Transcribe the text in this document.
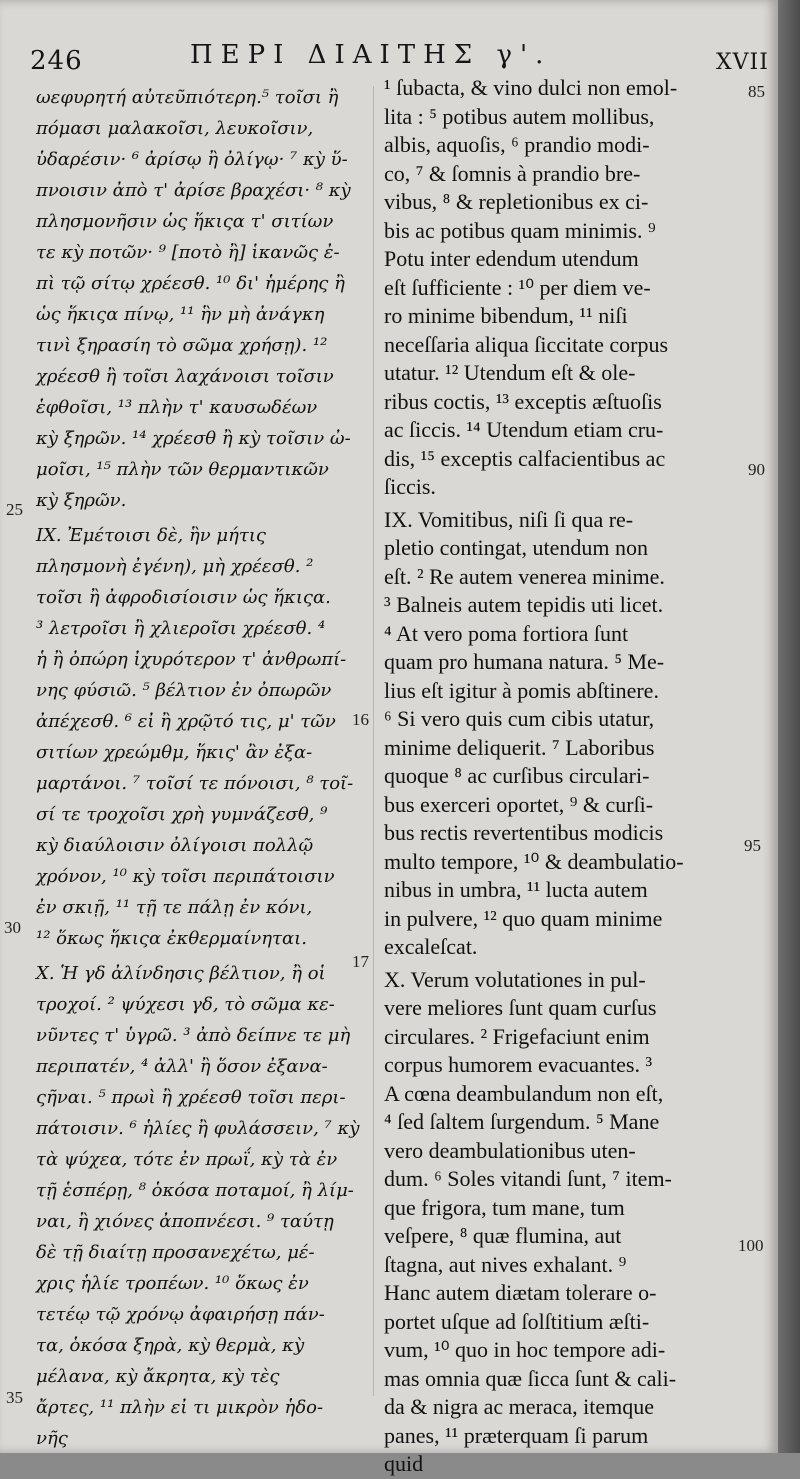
246	ΠΕΡΙ ΔΙΑΙΤΗΣ γ'.	XVII
ωεφυρητή αὐτεῦπιότερη.⁵ τοῖσι ἢ
πόμασι μαλακοῖσι, λευκοῖσιν,
ὑδαρέσιν· ⁶ ἀρίσῳ ἢ ὀλίγῳ· ⁷ κỳ ὕ-
πνοισιν ἀπὸ τ' ἀρίσε βραχέσι· ⁸ κỳ
πλησμονῆσιν ὡς ἥκιςα τ' σιτίων
τε κỳ ποτῶν· ⁹ [ποτὸ ἢ] ἱκανῶς ἐ-
πὶ τῷ σίτῳ χρέεσθ. ¹⁰ δι' ἡμέρης ἢ
ὡς ἥκιςα πίνῳ, ¹¹ ἣν μὴ ἀνάγκη
τινὶ ξηρασίη τὸ σῶμα χρήσῃ). ¹²
χρέεσθ ἢ τοῖσι λαχάνοισι τοῖσιν
ἑφθοῖσι, ¹³ πλὴν τ' καυσωδέων
κỳ ξηρῶν. ¹⁴ χρέεσθ ἢ κỳ τοῖσιν ὠ-
μοῖσι, ¹⁵ πλὴν τῶν θερμαντικῶν
κỳ ξηρῶν.
IX. Ἐμέτοισι δὲ, ἣν μήτις
πλησμονὴ ἐγένη), μὴ χρέεσθ. ²
τοῖσι ἢ ἀφροδισίοισιν ὡς ἥκιςα.
³ λετροῖσι ἢ χλιεροῖσι χρέεσθ. ⁴
ἡ ἢ ὀπώρη ἰχυρότερον τ' ἀνθρωπί-
νης φύσιῶ. ⁵ βέλτιον ἐν ὀπωρῶν
ἀπέχεσθ. ⁶ εἰ ἢ χρῷτό τις, μ' τῶν
σιτίων χρεώμθμ, ἥκις' ἂν ἐξα-
μαρτάνοι. ⁷ τοῖσί τε πόνοισι, ⁸ τοῖ-
σί τε τροχοῖσι χρὴ γυμνάζεσθ, ⁹
κỳ διαύλοισιν ὀλίγοισι πολλῷ
χρόνον, ¹⁰ κỳ τοῖσι περιπάτοισιν
ἐν σκιῇ, ¹¹ τῇ τε πάλῃ ἐν κόνι,
¹² ὅκως ἥκιςα ἐκθερμαίνηται.
X. Ἡ γδ ἀλίνδησις βέλτιον, ἢ οἱ
τροχοί. ² ψύχεσι γδ, τὸ σῶμα κε-
νῦντες τ' ὑγρῶ. ³ ἀπὸ δείπνε τε μὴ
περιπατέν, ⁴ ἀλλ' ἢ ὅσον ἐξανα-
ςῆναι. ⁵ πρωὶ ἢ χρέεσθ τοῖσι περι-
πάτοισιν. ⁶ ἡλίες ἢ φυλάσσειν, ⁷ κỳ
τὰ ψύχεα, τότε ἐν πρωΐ, κỳ τὰ ἐν
τῇ ἑσπέρῃ, ⁸ ὁκόσα ποταμοί, ἢ λίμ-
ναι, ἢ χιόνες ἀποπνέεσι. ⁹ ταύτῃ
δὲ τῇ διαίτῃ προσανεχέτω, μέ-
χρις ἡλίε τροπέων. ¹⁰ ὅκως ἐν
τετέῳ τῷ χρόνῳ ἀφαιρήσῃ πάν-
τα, ὁκόσα ξηρὰ, κỳ θερμὰ, κỳ
μέλανα, κỳ ἄκρητα, κỳ τὲς
ἄρτες, ¹¹ πλὴν εἰ τι μικρὸν ἡδο-
νῆς
¹ ſubacta, & vino dulci non emol-
lita : ⁵ potibus autem mollibus,
albis, aquoſis, ⁶ prandio modi-
co, ⁷ & ſomnis à prandio bre-
vibus, ⁸ & repletionibus ex ci-
bis ac potibus quam minimis. ⁹
Potu inter edendum utendum
eſt ſufficiente : ¹⁰ per diem ve-
ro minime bibendum, ¹¹ niſi
neceſſaria aliqua ſiccitate corpus
utatur. ¹² Utendum eſt & ole-
ribus coctis, ¹³ exceptis æſtuoſis
ac ſiccis. ¹⁴ Utendum etiam cru-
dis, ¹⁵ exceptis calfacientibus ac
ſiccis.
IX. Vomitibus, niſi ſi qua re-
pletio contingat, utendum non
eſt. ² Re autem venerea minime.
³ Balneis autem tepidis uti licet.
⁴ At vero poma fortiora ſunt
quam pro humana natura. ⁵ Me-
lius eſt igitur à pomis abſtinere.
⁶ Si vero quis cum cibis utatur,
minime deliquerit. ⁷ Laboribus
quoque ⁸ ac curſibus circulari-
bus exerceri oportet, ⁹ & curſi-
bus rectis revertentibus modicis
multo tempore, ¹⁰ & deambulatio-
nibus in umbra, ¹¹ lucta autem
in pulvere, ¹² quo quam minime
excaleſcat.
X. Verum volutationes in pul-
vere meliores ſunt quam curſus
circulares. ² Frigefaciunt enim
corpus humorem evacuantes. ³
A cœna deambulandum non eſt,
⁴ ſed ſaltem ſurgendum. ⁵ Mane
vero deambulationibus uten-
dum. ⁶ Soles vitandi ſunt, ⁷ item-
que frigora, tum mane, tum
veſpere, ⁸ quæ flumina, aut
ſtagna, aut nives exhalant. ⁹
Hanc autem diætam tolerare o-
portet uſque ad ſolſtitium æſti-
vum, ¹⁰ quo in hoc tempore adi-
mas omnia quæ ſicca ſunt & cali-
da & nigra ac meraca, itemque
panes, ¹¹ præterquam ſi parum
quid
25
30
35
16
17
85
90
95
100
